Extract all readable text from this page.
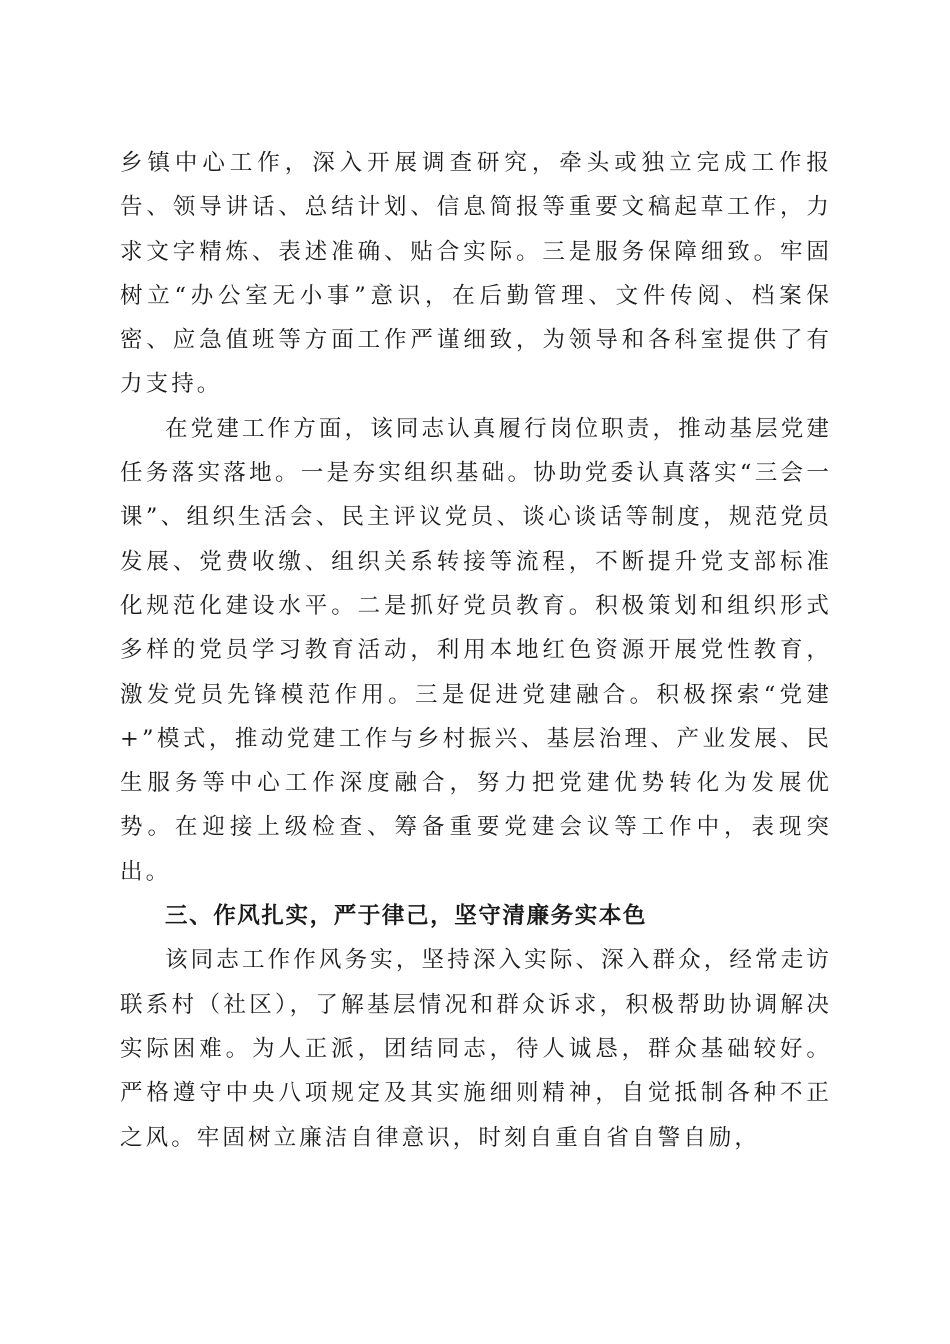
乡镇中心工作，深入开展调查研究，牵头或独立完成工作报告、领导讲话、总结计划、信息简报等重要文稿起草工作，力求文字精炼、表述准确、贴合实际。三是服务保障细致。牢固树立“办公室无小事”意识，在后勤管理、文件传阅、档案保密、应急值班等方面工作严谨细致，为领导和各科室提供了有力支持。

在党建工作方面，该同志认真履行岗位职责，推动基层党建任务落实落地。一是夯实组织基础。协助党委认真落实“三会一课”、组织生活会、民主评议党员、谈心谈话等制度，规范党员发展、党费收缴、组织关系转接等流程，不断提升党支部标准化规范化建设水平。二是抓好党员教育。积极策划和组织形式多样的党员学习教育活动，利用本地红色资源开展党性教育，激发党员先锋模范作用。三是促进党建融合。积极探索“党建+”模式，推动党建工作与乡村振兴、基层治理、产业发展、民生服务等中心工作深度融合，努力把党建优势转化为发展优势。在迎接上级检查、筹备重要党建会议等工作中，表现突出。

三、作风扎实，严于律己，坚守清廉务实本色

该同志工作作风务实，坚持深入实际、深入群众，经常走访联系村（社区），了解基层情况和群众诉求，积极帮助协调解决实际困难。为人正派，团结同志，待人诚恳，群众基础较好。严格遵守中央八项规定及其实施细则精神，自觉抵制各种不正之风。牢固树立廉洁自律意识，时刻自重自省自警自励，
